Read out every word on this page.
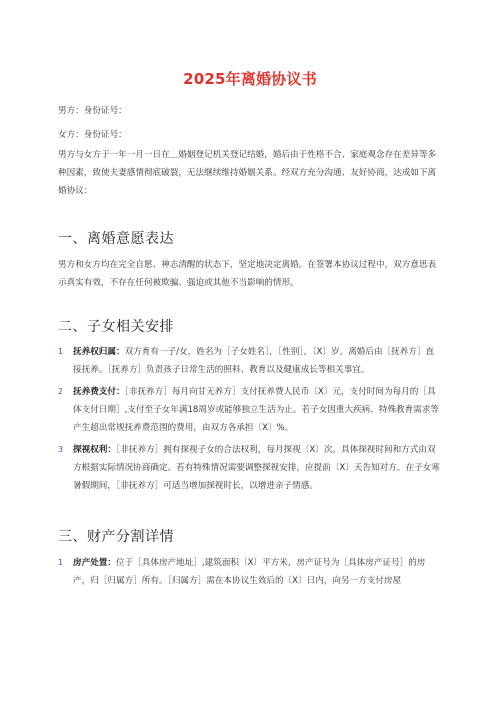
2025年离婚协议书
男方：身份证号：
女方：身份证号：
男方与女方于一年一月一日在＿婚姻登记机关登记结婚，婚后由于性格不合、家庭观念存在差异等多种因素，致使夫妻感情彻底破裂，无法继续维持婚姻关系。经双方充分沟通、友好协商，达成如下离婚协议：
一、离婚意愿表达
男方和女方均在完全自愿、神志清醒的状态下，坚定地决定离婚。在签署本协议过程中，双方意思表示真实有效，不存在任何被欺骗、强迫或其他不当影响的情形。
二、子女相关安排
1	抚养权归属：双方育有一子/女，姓名为［子女姓名］，［性别］，〔X〕岁，离婚后由［抚养方］直接抚养。［抚养方］负责孩子日常生活的照料、教育以及健康成长等相关事宜。
2	抚养费支付：［非抚养方］每月向甘无养方］支付抚养费人民币〔X〕元，支付时间为每月的［具体支付日期］,支付至子女年满18周岁或能够独立生活为止。若子女因重大疾病、特殊教育需求等产生超出常规抚养费范围的费用，由双方各承担〔X〕%。
3	探视权利：［非抚养方］拥有探视子女的合法权利，每月探视〔X〕次。具体探视时间和方式由双方根据实际情况协商确定。若有特殊情况需要调整探视安排，应提前〔X〕天告知对方。在子女寒暑假期间，［非抚养方］可适当增加探视时长，以增进亲子情感。
三、财产分割详情
1	房产处置：位于［具体房产地址］,建筑面积〔X〕平方米，房产证号为［具体房产证号］的房产，归［归属方］所有。［归属方］需在本协议生效后的〔X〕日内，向另一方支付房屋
